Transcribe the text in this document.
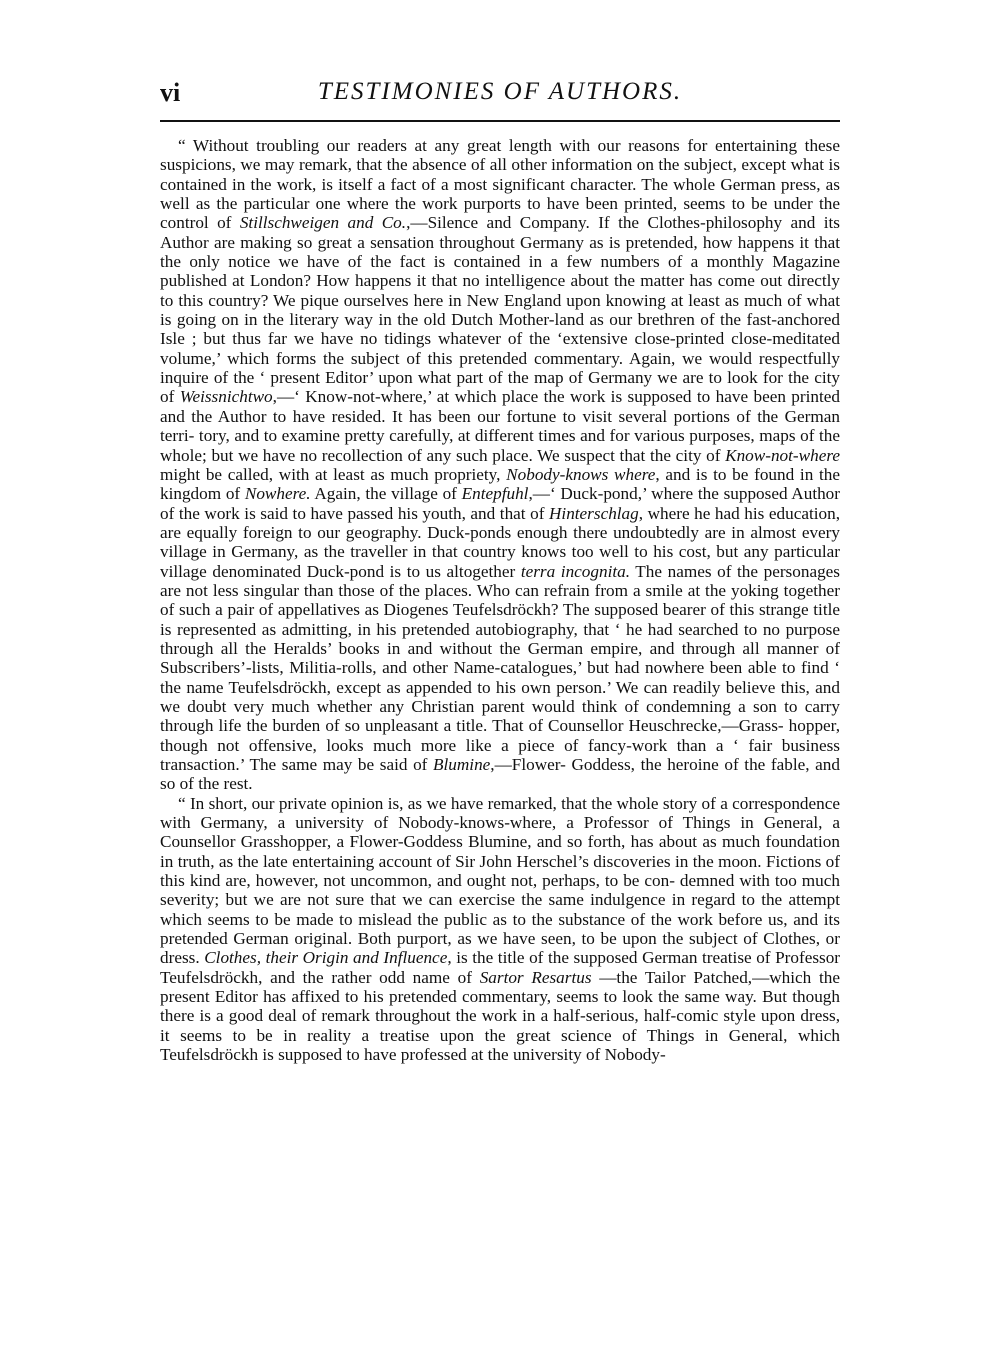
vi	TESTIMONIES OF AUTHORS.

“ Without troubling our readers at any great length with our reasons for entertaining these suspicions, we may remark, that the absence of all other information on the subject, except what is contained in the work, is itself a fact of a most significant character. The whole German press, as well as the particular one where the work purports to have been printed, seems to be under the control of Stillschweigen and Co.,—Silence and Company. If the Clothes-philosophy and its Author are making so great a sensation throughout Germany as is pretended, how happens it that the only notice we have of the fact is contained in a few numbers of a monthly Magazine published at London? How happens it that no intelligence about the matter has come out directly to this country? We pique ourselves here in New England upon knowing at least as much of what is going on in the literary way in the old Dutch Mother-land as our brethren of the fast-anchored Isle ; but thus far we have no tidings whatever of the ‘extensive close-printed close-meditated volume,’ which forms the subject of this pretended commentary. Again, we would respectfully inquire of the ‘ present Editor’ upon what part of the map of Germany we are to look for the city of Weissnichtwo,—‘ Know-not-where,’ at which place the work is supposed to have been printed and the Author to have resided. It has been our fortune to visit several portions of the German terri- tory, and to examine pretty carefully, at different times and for various purposes, maps of the whole; but we have no recollection of any such place. We suspect that the city of Know-not-where might be called, with at least as much propriety, Nobody-knows where, and is to be found in the kingdom of Nowhere. Again, the village of Entepfuhl,—‘ Duck-pond,’ where the supposed Author of the work is said to have passed his youth, and that of Hinterschlag, where he had his education, are equally foreign to our geography. Duck-ponds enough there undoubtedly are in almost every village in Germany, as the traveller in that country knows too well to his cost, but any particular village denominated Duck-pond is to us altogether terra incognita. The names of the personages are not less singular than those of the places. Who can refrain from a smile at the yoking together of such a pair of appellatives as Diogenes Teufelsdröckh? The supposed bearer of this strange title is represented as admitting, in his pretended autobiography, that ‘ he had searched to no purpose through all the Heralds’ books in and without the German empire, and through all manner of Subscribers’-lists, Militia-rolls, and other Name-catalogues,’ but had nowhere been able to find ‘ the name Teufelsdröckh, except as appended to his own person.’ We can readily believe this, and we doubt very much whether any Christian parent would think of condemning a son to carry through life the burden of so unpleasant a title. That of Counsellor Heuschrecke,—Grass- hopper, though not offensive, looks much more like a piece of fancy-work than a ‘ fair business transaction.’ The same may be said of Blumine,—Flower- Goddess, the heroine of the fable, and so of the rest.

“ In short, our private opinion is, as we have remarked, that the whole story of a correspondence with Germany, a university of Nobody-knows-where, a Professor of Things in General, a Counsellor Grasshopper, a Flower-Goddess Blumine, and so forth, has about as much foundation in truth, as the late entertaining account of Sir John Herschel’s discoveries in the moon. Fictions of this kind are, however, not uncommon, and ought not, perhaps, to be con- demned with too much severity; but we are not sure that we can exercise the same indulgence in regard to the attempt which seems to be made to mislead the public as to the substance of the work before us, and its pretended German original. Both purport, as we have seen, to be upon the subject of Clothes, or dress. Clothes, their Origin and Influence, is the title of the supposed German treatise of Professor Teufelsdröckh, and the rather odd name of Sartor Resartus —the Tailor Patched,—which the present Editor has affixed to his pretended commentary, seems to look the same way. But though there is a good deal of remark throughout the work in a half-serious, half-comic style upon dress, it seems to be in reality a treatise upon the great science of Things in General, which Teufelsdröckh is supposed to have professed at the university of Nobody-
